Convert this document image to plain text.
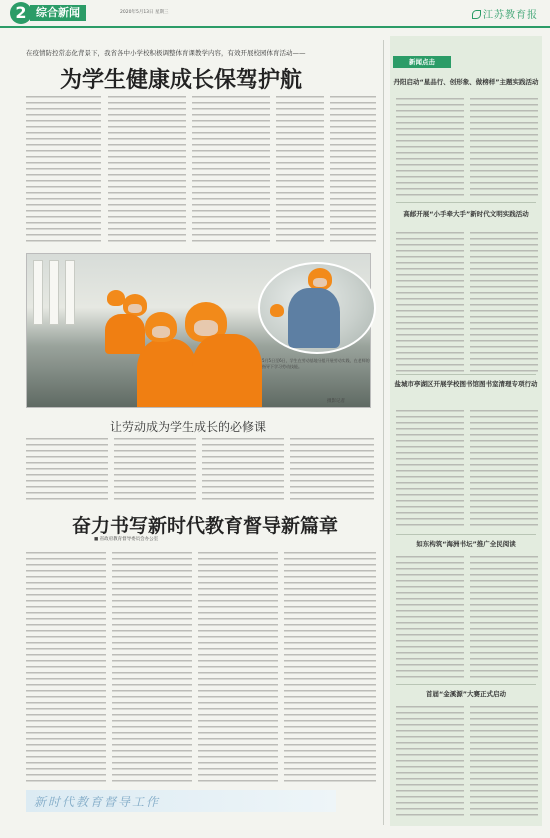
2 综合新闻	2020年5月13日 星期三	江苏教育报
在疫情防控常态化背景下，我省各中小学校积极调整体育课教学内容，有效开展校园体育活动——
为学生健康成长保驾护航
5月5日至6日，学生在劳动基地分组开展劳动实践，在老师的指导下学习劳动技能。
摄影记者
让劳动成为学生成长的必修课
奋力书写新时代教育督导新篇章
■ 省政府教育督导委员会办公室
新时代教育督导工作
新闻点击
丹阳启动“星品行、创形象、做榜样”主题实践活动
高邮开展“小手牵大手”新时代文明实践活动
盐城市亭湖区开展学校图书馆图书室清理专项行动
如东构筑“海洲书坛”推广全民阅读
首届“金溪源”大赛正式启动
